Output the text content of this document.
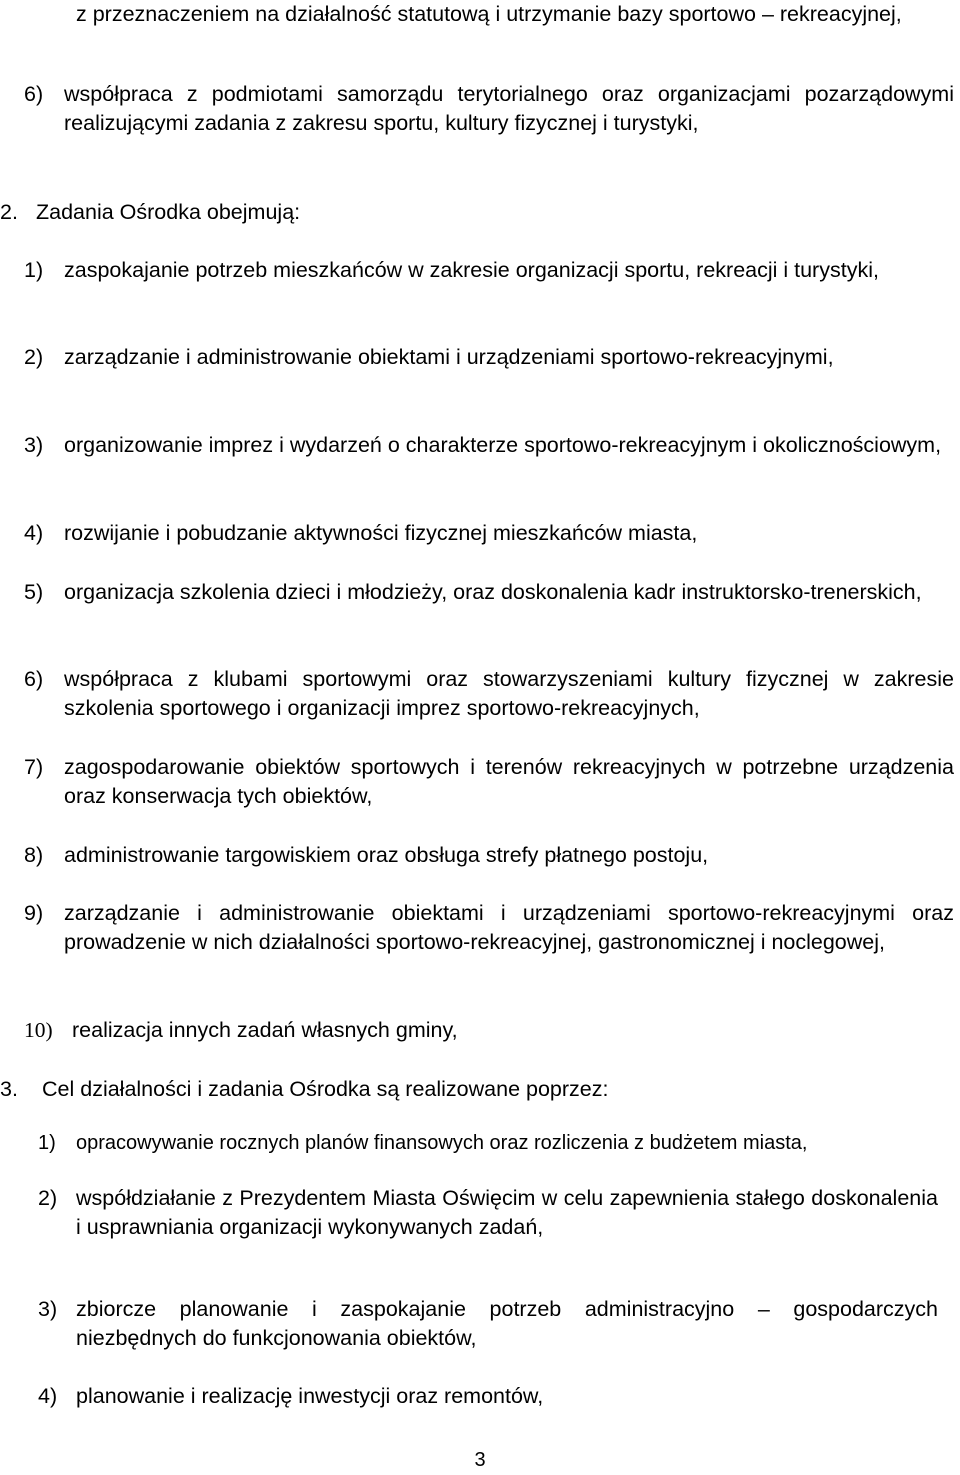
z przeznaczeniem na działalność statutową i utrzymanie bazy sportowo – rekreacyjnej,
6) współpraca z podmiotami samorządu terytorialnego oraz organizacjami pozarządowymi realizującymi zadania z zakresu sportu, kultury fizycznej i turystyki,
2. Zadania Ośrodka obejmują:
1) zaspokajanie potrzeb mieszkańców w zakresie organizacji sportu, rekreacji i turystyki,
2) zarządzanie i administrowanie obiektami i urządzeniami sportowo-rekreacyjnymi,
3) organizowanie imprez i wydarzeń o charakterze sportowo-rekreacyjnym i okolicznościowym,
4) rozwijanie i pobudzanie aktywności fizycznej mieszkańców miasta,
5) organizacja szkolenia dzieci i młodzieży, oraz doskonalenia kadr instruktorsko-trenerskich,
6) współpraca z klubami sportowymi oraz stowarzyszeniami kultury fizycznej w zakresie szkolenia sportowego i organizacji imprez sportowo-rekreacyjnych,
7) zagospodarowanie obiektów sportowych i terenów rekreacyjnych w potrzebne urządzenia oraz konserwacja tych obiektów,
8) administrowanie targowiskiem oraz obsługa strefy płatnego postoju,
9) zarządzanie i administrowanie obiektami i urządzeniami sportowo-rekreacyjnymi oraz prowadzenie w nich działalności sportowo-rekreacyjnej, gastronomicznej i noclegowej,
10) realizacja innych zadań własnych gminy,
3. Cel działalności i zadania Ośrodka są realizowane poprzez:
1) opracowywanie rocznych planów finansowych oraz rozliczenia z budżetem miasta,
2) współdziałanie z Prezydentem Miasta Oświęcim w celu zapewnienia stałego doskonalenia i usprawniania organizacji wykonywanych zadań,
3) zbiorcze planowanie i zaspokajanie potrzeb administracyjno – gospodarczych niezbędnych do funkcjonowania obiektów,
4) planowanie i realizację inwestycji oraz remontów,
3
